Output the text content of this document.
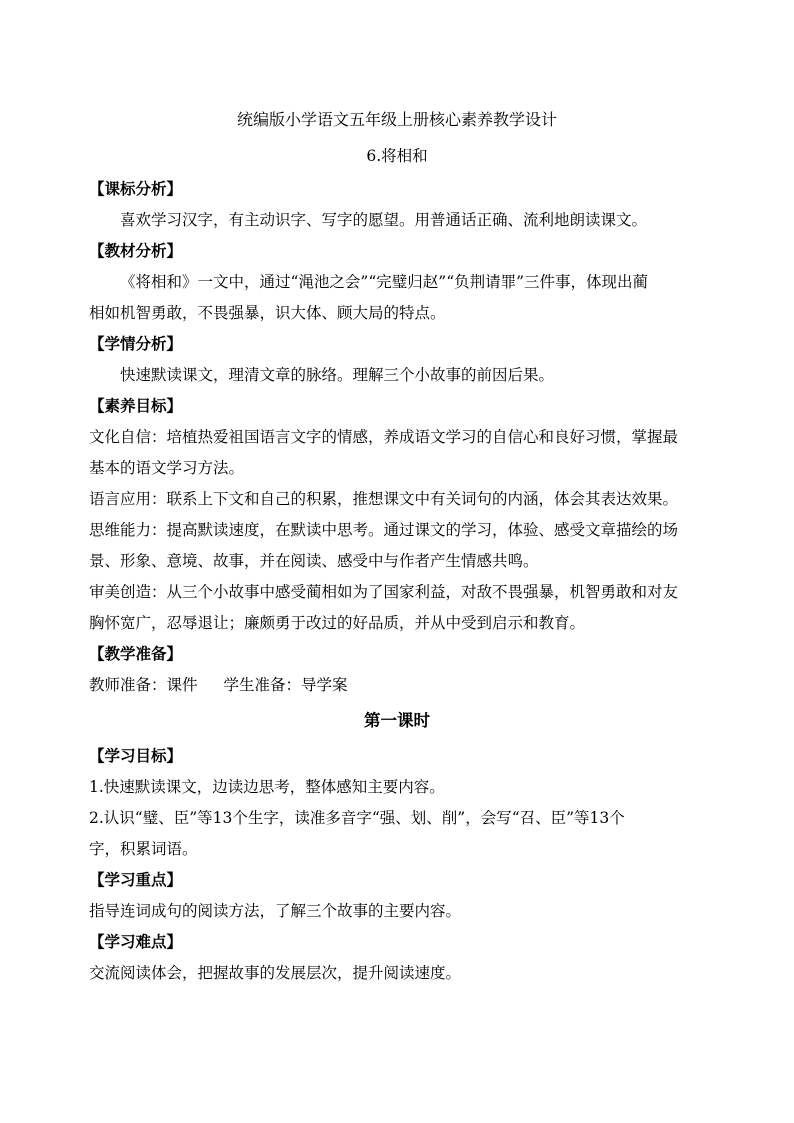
统编版小学语文五年级上册核心素养教学设计
6.将相和
【课标分析】
喜欢学习汉字，有主动识字、写字的愿望。用普通话正确、流利地朗读课文。
【教材分析】
《将相和》一文中，通过“渑池之会”“完璧归赵”“负荆请罪”三件事，体现出蔺
相如机智勇敢，不畏强暴，识大体、顾大局的特点。
【学情分析】
快速默读课文，理清文章的脉络。理解三个小故事的前因后果。
【素养目标】
文化自信：培植热爱祖国语言文字的情感，养成语文学习的自信心和良好习惯，掌握最
基本的语文学习方法。
语言应用：联系上下文和自己的积累，推想课文中有关词句的内涵，体会其表达效果。
思维能力：提高默读速度，在默读中思考。通过课文的学习，体验、感受文章描绘的场
景、形象、意境、故事，并在阅读、感受中与作者产生情感共鸣。
审美创造：从三个小故事中感受蔺相如为了国家利益，对敌不畏强暴，机智勇敢和对友
胸怀宽广，忍辱退让；廉颇勇于改过的好品质，并从中受到启示和教育。
【教学准备】
教师准备：课件 学生准备：导学案
第一课时
【学习目标】
1.快速默读课文，边读边思考，整体感知主要内容。
2.认识“璧、臣”等13个生字，读准多音字“强、划、削”，会写“召、臣”等13个
字，积累词语。
【学习重点】
指导连词成句的阅读方法，了解三个故事的主要内容。
【学习难点】
交流阅读体会，把握故事的发展层次，提升阅读速度。
